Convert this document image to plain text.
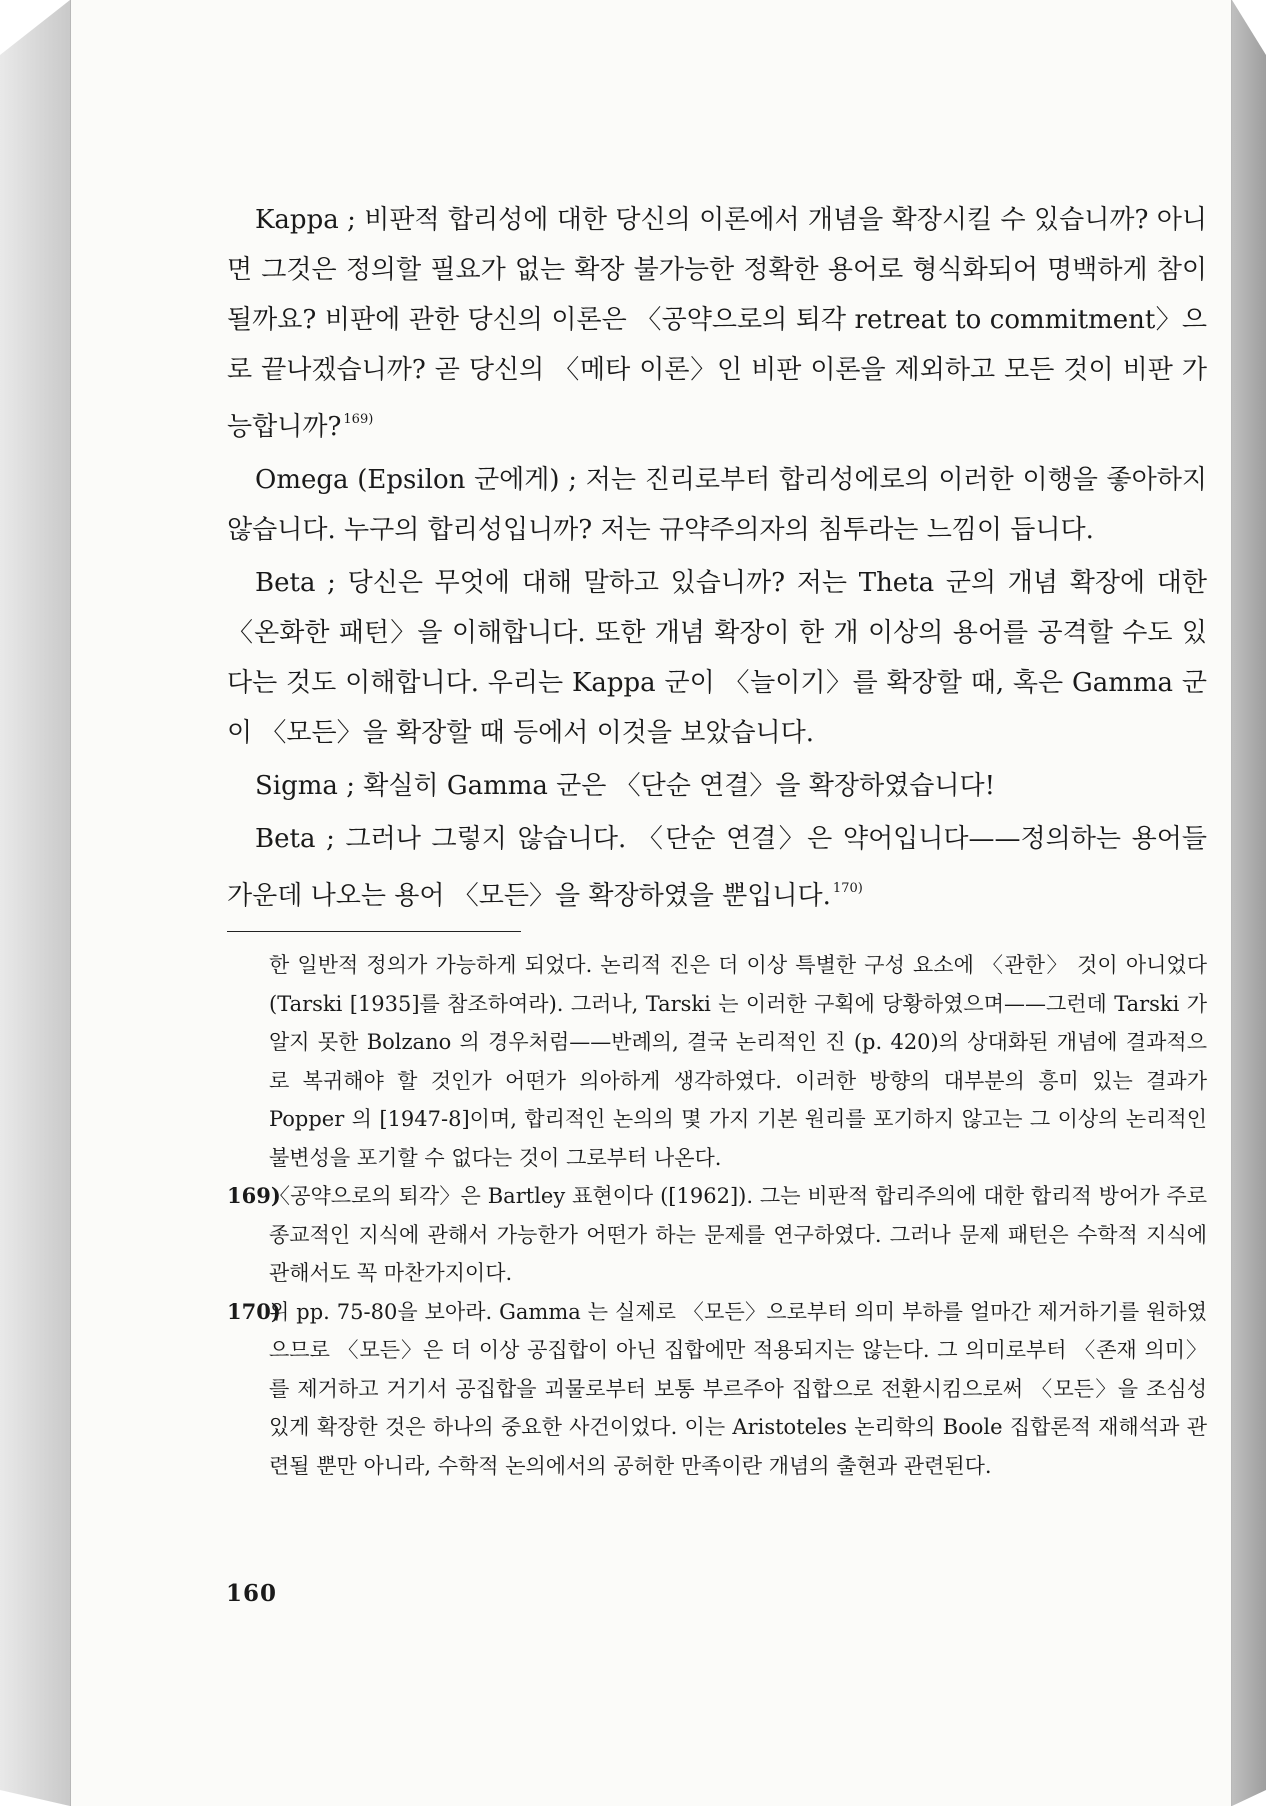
Kappa ; 비판적 합리성에 대한 당신의 이론에서 개념을 확장시킬 수 있습니까? 아니면 그것은 정의할 필요가 없는 확장 불가능한 정확한 용어로 형식화되어 명백하게 참이 될까요? 비판에 관한 당신의 이론은 〈공약으로의 퇴각 retreat to commitment〉으로 끝나겠습니까? 곧 당신의 〈메타 이론〉인 비판 이론을 제외하고 모든 것이 비판 가능합니까? $^{169)}$

Omega (Epsilon 군에게) ; 저는 진리로부터 합리성에로의 이러한 이행을 좋아하지 않습니다. 누구의 합리성입니까? 저는 규약주의자의 침투라는 느낌이 듭니다.

Beta ; 당신은 무엇에 대해 말하고 있습니까? 저는 Theta 군의 개념 확장에 대한 〈온화한 패턴〉을 이해합니다. 또한 개념 확장이 한 개 이상의 용어를 공격할 수도 있다는 것도 이해합니다. 우리는 Kappa 군이 〈늘이기〉를 확장할 때, 혹은 Gamma 군이 〈모든〉을 확장할 때 등에서 이것을 보았습니다.

Sigma ; 확실히 Gamma 군은 〈단순 연결〉을 확장하였습니다!

Beta ; 그러나 그렇지 않습니다. 〈단순 연결〉은 약어입니다——정의하는 용어들 가운데 나오는 용어 〈모든〉을 확장하였을 뿐입니다. $^{170)}$

한 일반적 정의가 가능하게 되었다. 논리적 진은 더 이상 특별한 구성 요소에 〈관한〉 것이 아니었다 (Tarski [1935]를 참조하여라). 그러나, Tarski 는 이러한 구획에 당황하였으며——그런데 Tarski 가 알지 못한 Bolzano 의 경우처럼——반례의, 결국 논리적인 진 (p. 420)의 상대화된 개념에 결과적으로 복귀해야 할 것인가 어떤가 의아하게 생각하였다. 이러한 방향의 대부분의 흥미 있는 결과가 Popper 의 [1947-8]이며, 합리적인 논의의 몇 가지 기본 원리를 포기하지 않고는 그 이상의 논리적인 불변성을 포기할 수 없다는 것이 그로부터 나온다.

169)
〈공약으로의 퇴각〉은 Bartley 표현이다 ([1962]). 그는 비판적 합리주의에 대한 합리적 방어가 주로 종교적인 지식에 관해서 가능한가 어떤가 하는 문제를 연구하였다. 그러나 문제 패턴은 수학적 지식에 관해서도 꼭 마찬가지이다.

170)
위 pp. 75-80을 보아라. Gamma 는 실제로 〈모든〉으로부터 의미 부하를 얼마간 제거하기를 원하였으므로 〈모든〉은 더 이상 공집합이 아닌 집합에만 적용되지는 않는다. 그 의미로부터 〈존재 의미〉를 제거하고 거기서 공집합을 괴물로부터 보통 부르주아 집합으로 전환시킴으로써 〈모든〉을 조심성 있게 확장한 것은 하나의 중요한 사건이었다. 이는 Aristoteles 논리학의 Boole 집합론적 재해석과 관련될 뿐만 아니라, 수학적 논의에서의 공허한 만족이란 개념의 출현과 관련된다.

160
